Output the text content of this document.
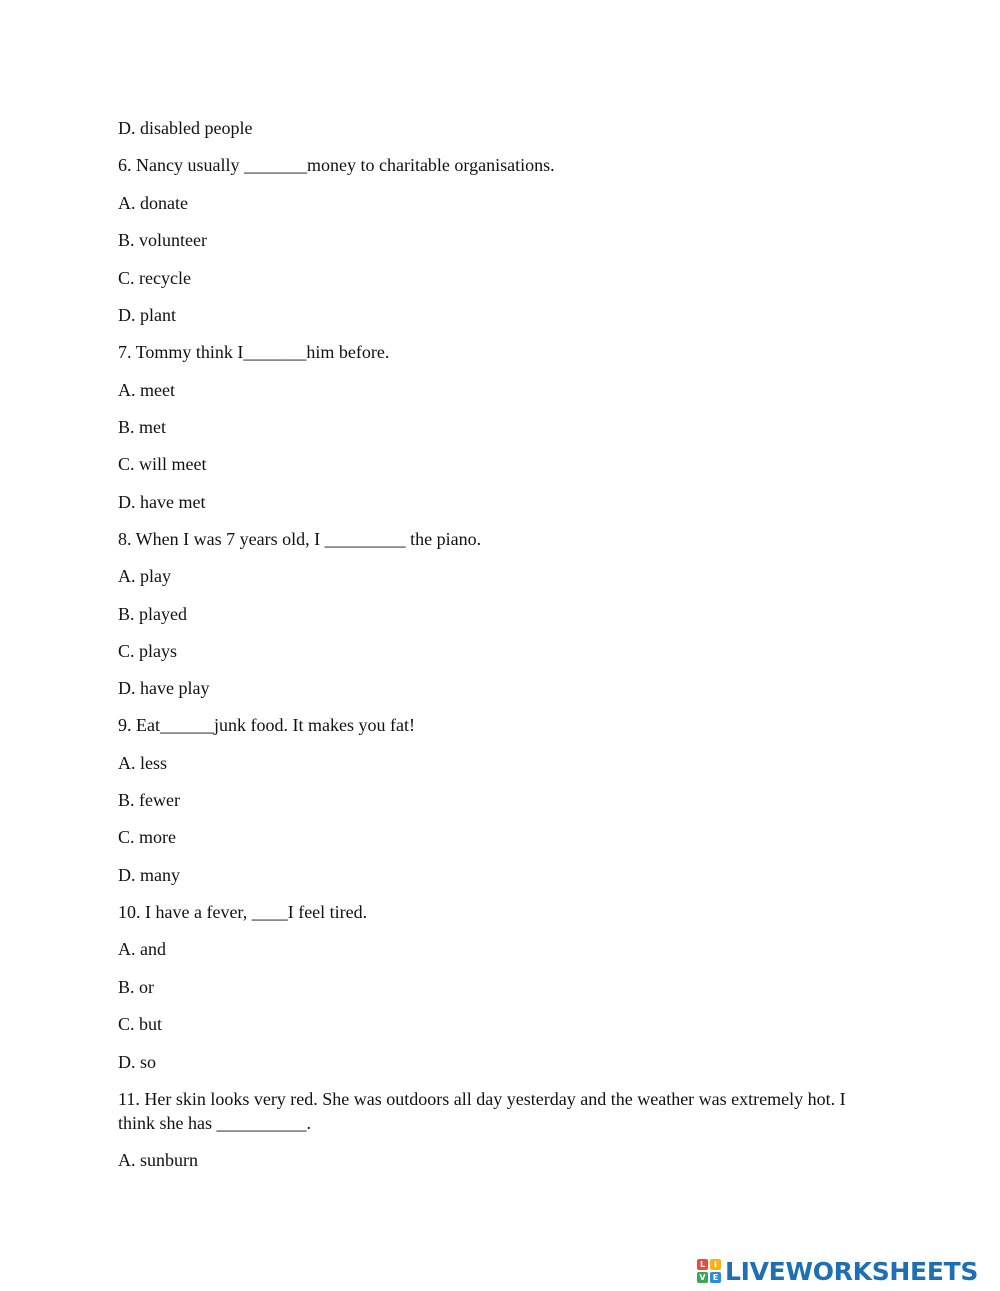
D. disabled people
6. Nancy usually _______money to charitable organisations.
A. donate
B. volunteer
C. recycle
D. plant
7. Tommy think I_______him before.
A. meet
B. met
C. will meet
D. have met
8. When I was 7 years old, I _________ the piano.
A. play
B. played
C. plays
D. have play
9. Eat______junk food. It makes you fat!
A. less
B. fewer
C. more
D. many
10. I have a fever, ____I feel tired.
A. and
B. or
C. but
D. so
11. Her skin looks very red. She was outdoors all day yesterday and the weather was extremely hot. I think she has __________.
A. sunburn
L	I
V E LIVEWORKSHEETS
